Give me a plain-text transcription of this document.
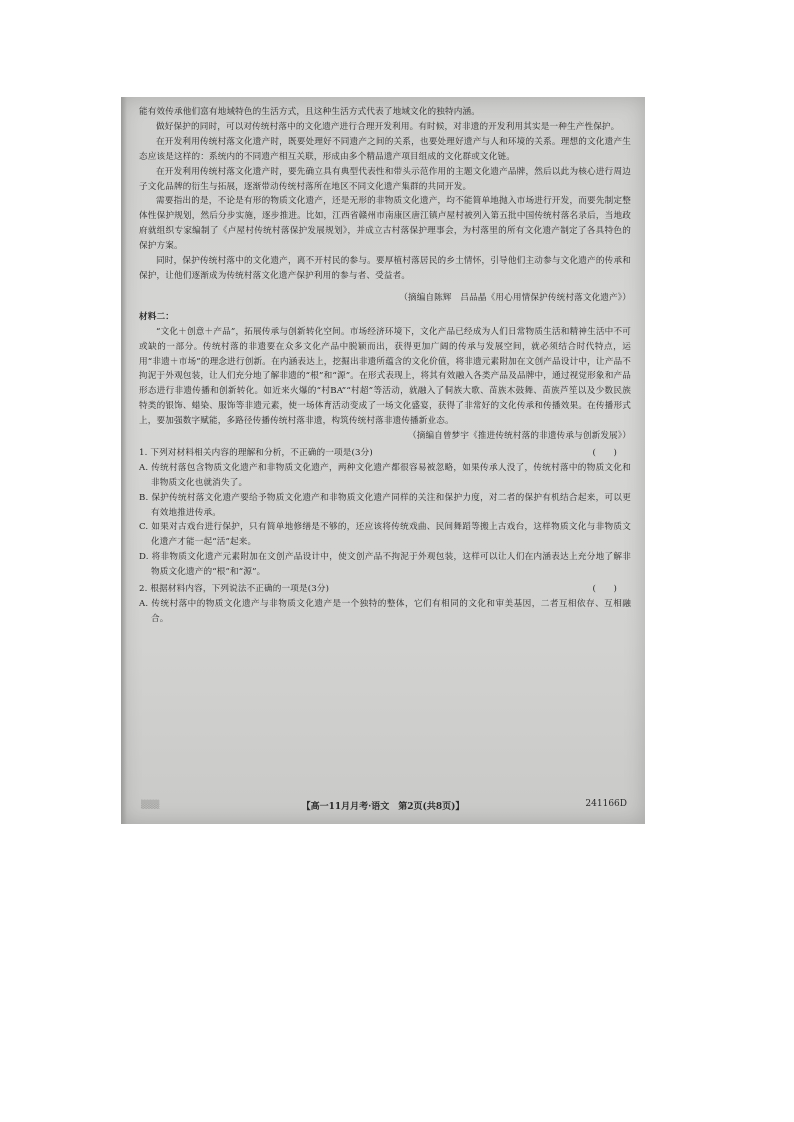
能有效传承他们富有地域特色的生活方式，且这种生活方式代表了地域文化的独特内涵。

做好保护的同时，可以对传统村落中的文化遗产进行合理开发利用。有时候，对非遗的开发利用其实是一种生产性保护。

在开发利用传统村落文化遗产时，既要处理好不同遗产之间的关系，也要处理好遗产与人和环境的关系。理想的文化遗产生态应该是这样的：系统内的不同遗产相互关联，形成由多个精品遗产项目组成的文化群或文化链。

在开发利用传统村落文化遗产时，要先确立具有典型代表性和带头示范作用的主题文化遗产品牌，然后以此为核心进行周边子文化品牌的衍生与拓展，逐渐带动传统村落所在地区不同文化遗产集群的共同开发。

需要指出的是，不论是有形的物质文化遗产，还是无形的非物质文化遗产，均不能简单地抛入市场进行开发，而要先制定整体性保护规划，然后分步实施，逐步推进。比如，江西省赣州市南康区唐江镇卢屋村被列入第五批中国传统村落名录后，当地政府就组织专家编制了《卢屋村传统村落保护发展规划》，并成立古村落保护理事会，为村落里的所有文化遗产制定了各具特色的保护方案。

同时，保护传统村落中的文化遗产，离不开村民的参与。要厚植村落居民的乡土情怀，引导他们主动参与文化遗产的传承和保护，让他们逐渐成为传统村落文化遗产保护利用的参与者、受益者。

（摘编自陈辉　吕品晶《用心用情保护传统村落文化遗产》）

材料二：

“文化＋创意＋产品”，拓展传承与创新转化空间。市场经济环境下，文化产品已经成为人们日常物质生活和精神生活中不可或缺的一部分。传统村落的非遗要在众多文化产品中脱颖而出，获得更加广阔的传承与发展空间，就必须结合时代特点，运用“非遗＋市场”的理念进行创新。在内涵表达上，挖掘出非遗所蕴含的文化价值，将非遗元素附加在文创产品设计中，让产品不拘泥于外观包装，让人们充分地了解非遗的“根”和“源”。在形式表现上，将其有效融入各类产品及品牌中，通过视觉形象和产品形态进行非遗传播和创新转化。如近来火爆的“村BA”“村超”等活动，就融入了侗族大歌、苗族木鼓舞、苗族芦笙以及少数民族特类的银饰、蜡染、服饰等非遗元素，使一场体育活动变成了一场文化盛宴，获得了非常好的文化传承和传播效果。在传播形式上，要加强数字赋能，多路径传播传统村落非遗，构筑传统村落非遗传播新业态。

（摘编自曾梦宇《推进传统村落的非遗传承与创新发展》）

1. 下列对材料相关内容的理解和分析，不正确的一项是(3分)	(　　)

A. 传统村落包含物质文化遗产和非物质文化遗产，两种文化遗产都很容易被忽略，如果传承人没了，传统村落中的物质文化和非物质文化也就消失了。

B. 保护传统村落文化遗产要给予物质文化遗产和非物质文化遗产同样的关注和保护力度，对二者的保护有机结合起来，可以更有效地推进传承。

C. 如果对古戏台进行保护，只有简单地修缮是不够的，还应该将传统戏曲、民间舞蹈等搬上古戏台，这样物质文化与非物质文化遗产才能一起“活”起来。

D. 将非物质文化遗产元素附加在文创产品设计中，使文创产品不拘泥于外观包装，这样可以让人们在内涵表达上充分地了解非物质文化遗产的“根”和“源”。

2. 根据材料内容，下列说法不正确的一项是(3分)	(　　)

A. 传统村落中的物质文化遗产与非物质文化遗产是一个独特的整体，它们有相同的文化和审美基因，二者互相依存、互相融合。

▒▒▒	【高一11月月考·语文　第2页(共8页)】	241166D
